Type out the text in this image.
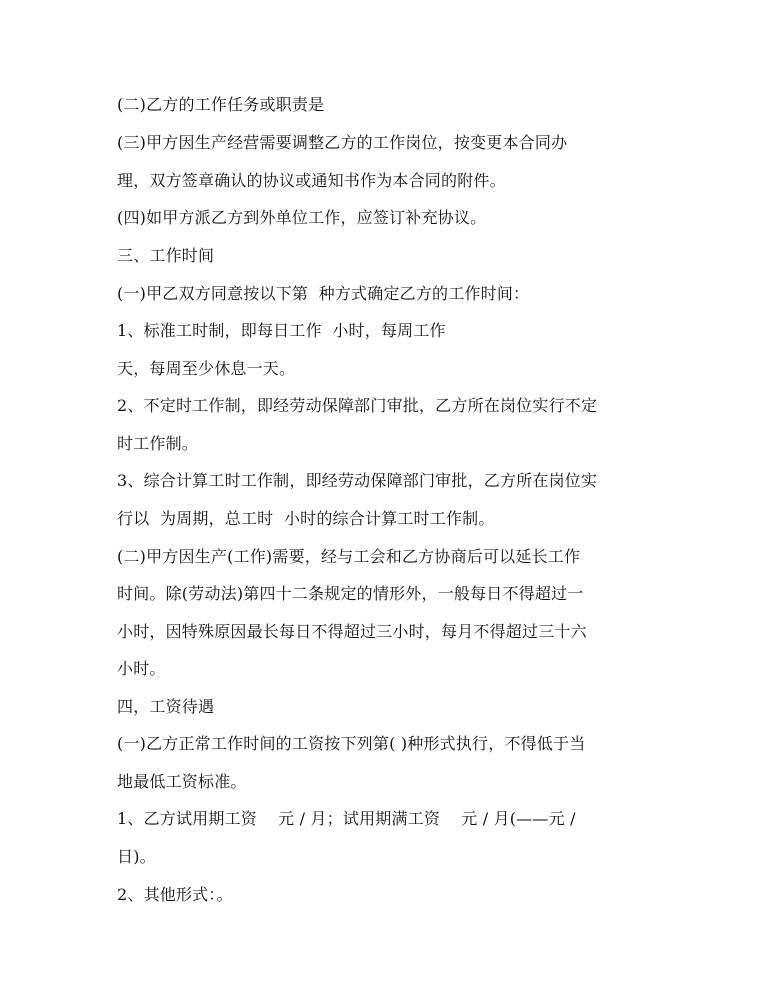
(二)乙方的工作任务或职责是
(三)甲方因生产经营需要调整乙方的工作岗位，按变更本合同办
理，双方签章确认的协议或通知书作为本合同的附件。
(四)如甲方派乙方到外单位工作，应签订补充协议。
三、工作时间
(一)甲乙双方同意按以下第  种方式确定乙方的工作时间：
1、标准工时制，即每日工作  小时，每周工作
天，每周至少休息一天。
2、不定时工作制，即经劳动保障部门审批，乙方所在岗位实行不定
时工作制。
3、综合计算工时工作制，即经劳动保障部门审批，乙方所在岗位实
行以  为周期，总工时  小时的综合计算工时工作制。
(二)甲方因生产(工作)需要，经与工会和乙方协商后可以延长工作
时间。除(劳动法)第四十二条规定的情形外，一般每日不得超过一
小时，因特殊原因最长每日不得超过三小时，每月不得超过三十六
小时。
四，工资待遇
(一)乙方正常工作时间的工资按下列第( )种形式执行，不得低于当
地最低工资标准。
1、乙方试用期工资    元 / 月；试用期满工资    元 / 月(——元 /
日)。
2、其他形式：。
